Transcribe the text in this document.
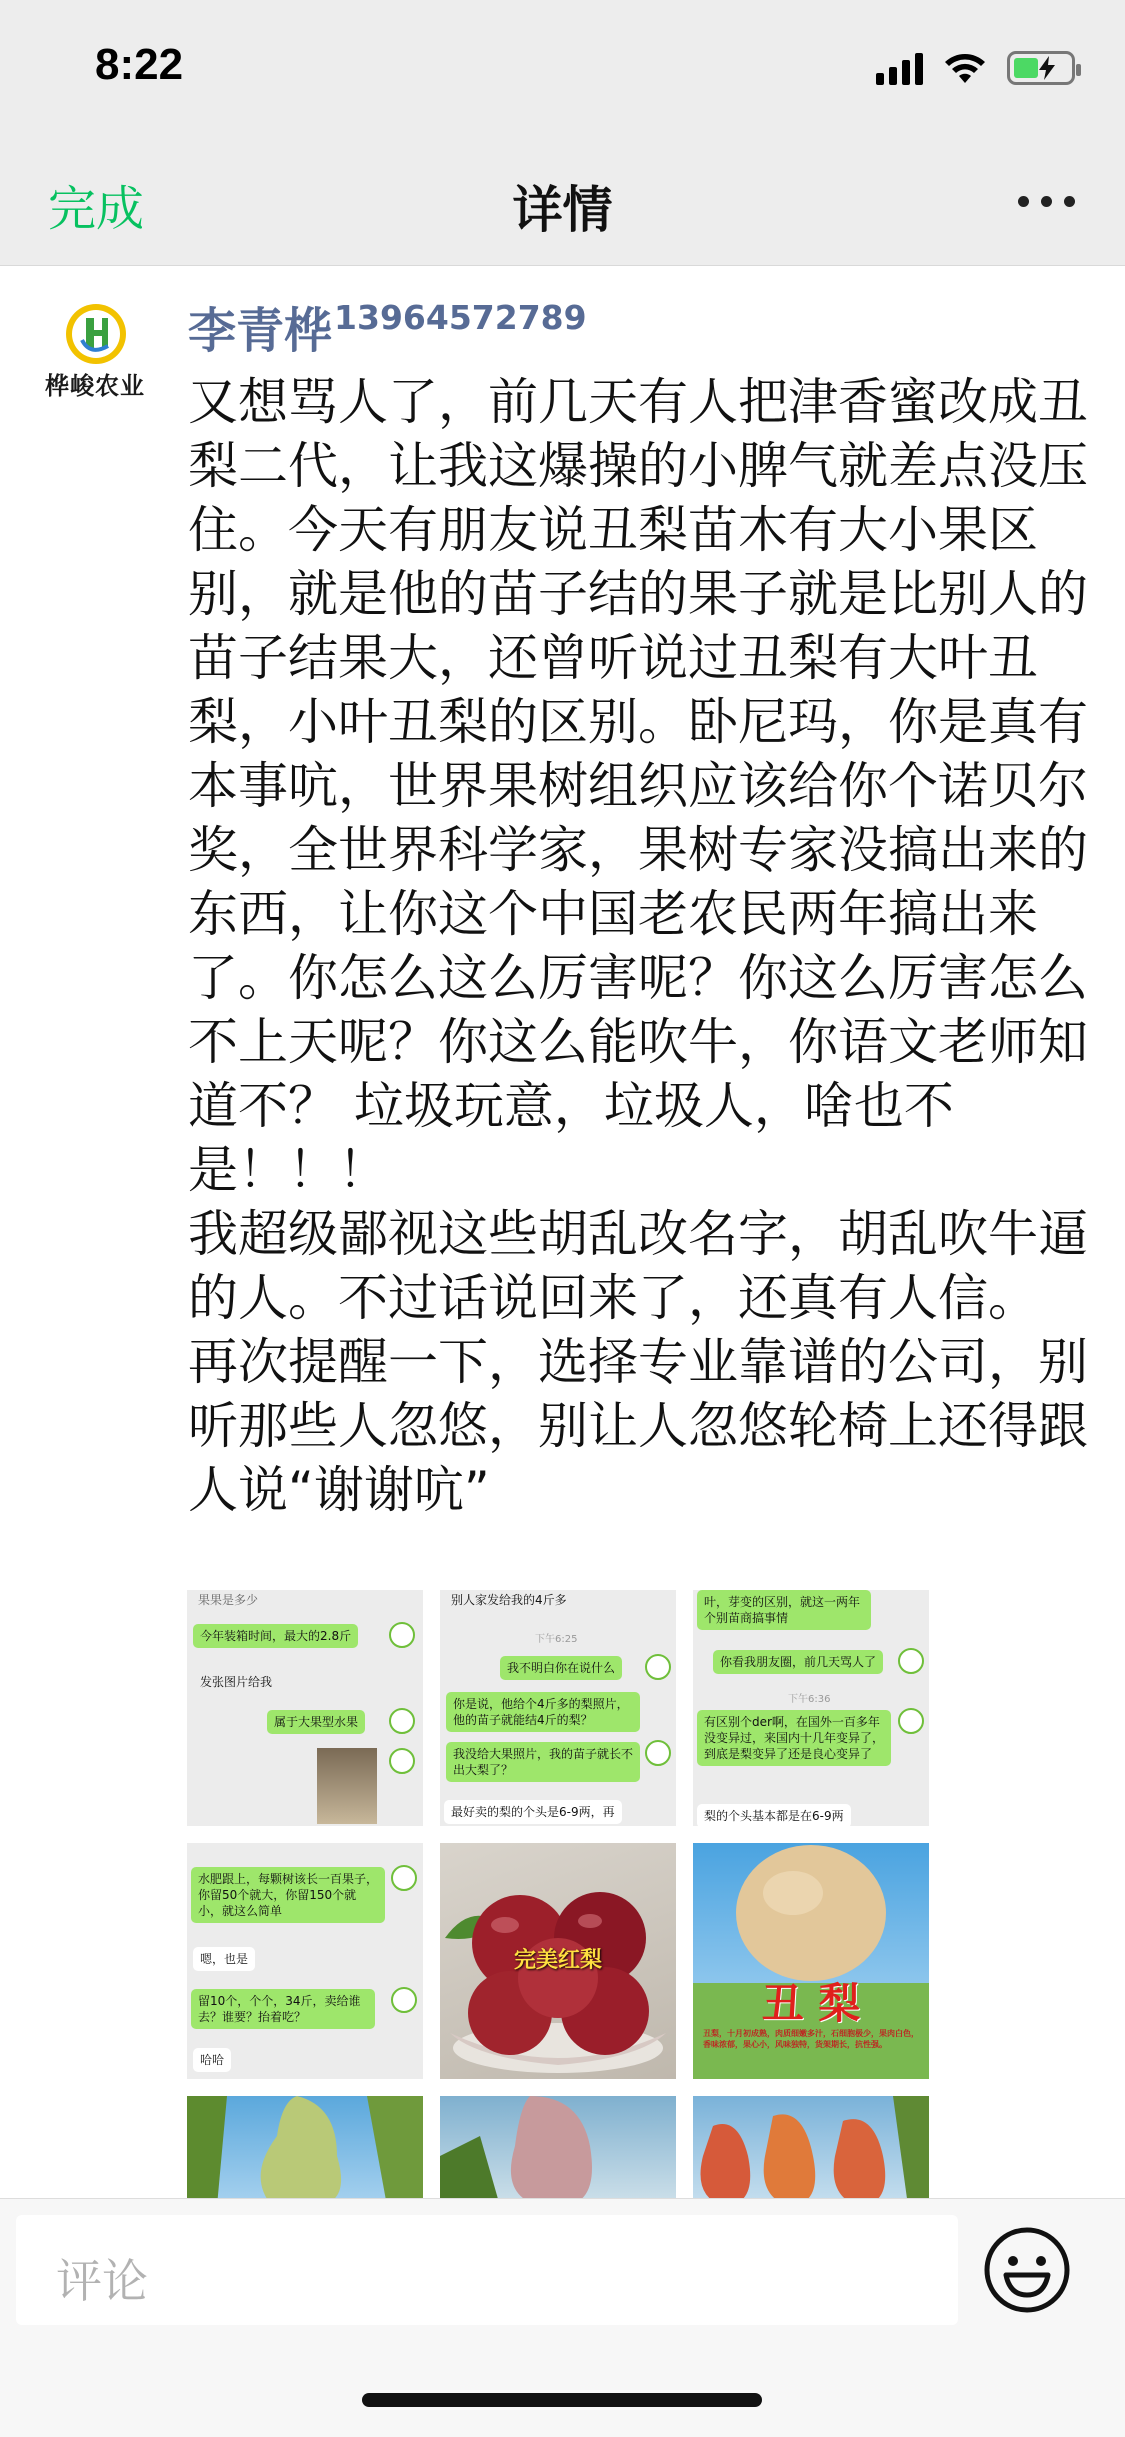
8:22
完成	详情
桦峻农业
李青桦$^{13964572789}$
又想骂人了，前几天有人把津香蜜改成丑梨二代，让我这爆操的小脾气就差点没压住。今天有朋友说丑梨苗木有大小果区别，就是他的苗子结的果子就是比别人的苗子结果大，还曾听说过丑梨有大叶丑梨，小叶丑梨的区别。卧尼玛，你是真有本事吭，世界果树组织应该给你个诺贝尔奖，全世界科学家，果树专家没搞出来的东西，让你这个中国老农民两年搞出来了。你怎么这么厉害呢？你这么厉害怎么不上天呢？你这么能吹牛，你语文老师知道不？ 垃圾玩意，垃圾人，啥也不是！！！
我超级鄙视这些胡乱改名字，胡乱吹牛逼的人。不过话说回来了，还真有人信。
再次提醒一下，选择专业靠谱的公司，别听那些人忽悠，别让人忽悠轮椅上还得跟人说“谢谢吭”
果果是多少
今年装箱时间，最大的2.8斤
发张图片给我
属于大果型水果
别人家发给我的4斤多
下午6:25
我不明白你在说什么
你是说，他给个4斤多的梨照片，他的苗子就能结4斤的梨？
我没给大果照片，我的苗子就长不出大梨了？
最好卖的梨的个头是6-9两，再
叶，芽变的区别，就这一两年个别苗商搞事情
你看我朋友圈，前几天骂人了
下午6:36
有区别个der啊，在国外一百多年没变异过，来国内十几年变异了，到底是梨变异了还是良心变异了
梨的个头基本都是在6-9两
水肥跟上，每颗树该长一百果子，你留50个就大，你留150个就小，就这么简单
嗯，也是
留10个，个个，34斤，卖给谁去？谁要？抬着吃？
哈哈
完美红梨
丑 梨
丑梨，十月初成熟，肉质细嫩多汁，石细胞极少，果肉白色，香味浓郁，果心小，风味独特，货架期长，抗性强。
评论
